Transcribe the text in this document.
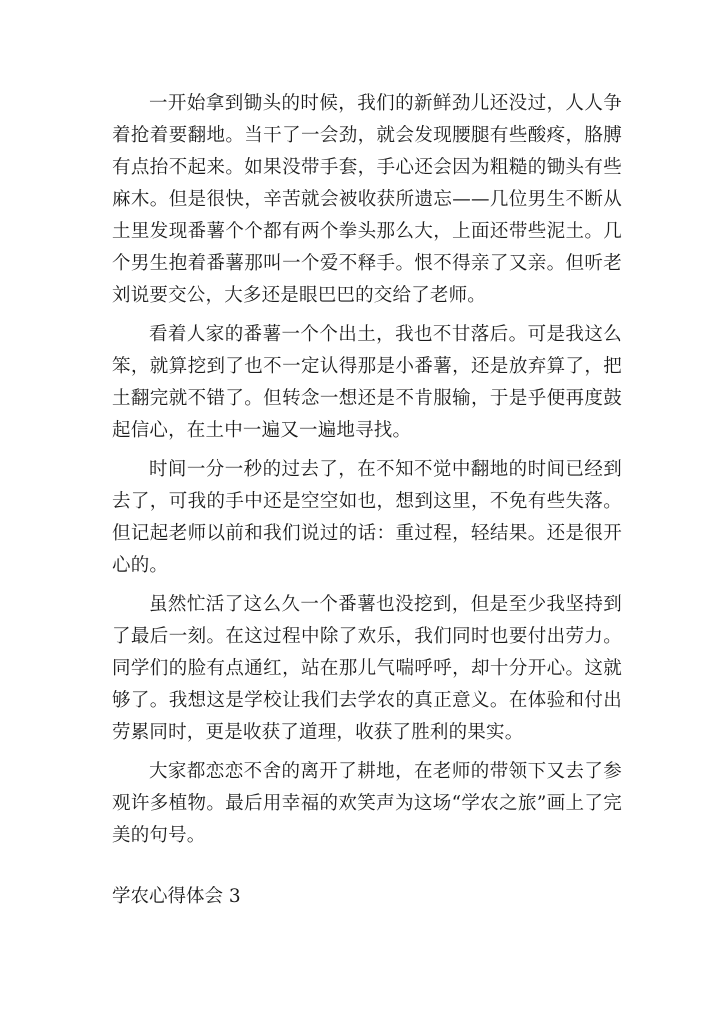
一开始拿到锄头的时候，我们的新鲜劲儿还没过，人人争着抢着要翻地。当干了一会劲，就会发现腰腿有些酸疼，胳膊有点抬不起来。如果没带手套，手心还会因为粗糙的锄头有些麻木。但是很快，辛苦就会被收获所遗忘——几位男生不断从土里发现番薯个个都有两个拳头那么大，上面还带些泥土。几个男生抱着番薯那叫一个爱不释手。恨不得亲了又亲。但听老刘说要交公，大多还是眼巴巴的交给了老师。

看着人家的番薯一个个出土，我也不甘落后。可是我这么笨，就算挖到了也不一定认得那是小番薯，还是放弃算了，把土翻完就不错了。但转念一想还是不肯服输，于是乎便再度鼓起信心，在土中一遍又一遍地寻找。

时间一分一秒的过去了，在不知不觉中翻地的时间已经到去了，可我的手中还是空空如也，想到这里，不免有些失落。但记起老师以前和我们说过的话：重过程，轻结果。还是很开心的。

虽然忙活了这么久一个番薯也没挖到，但是至少我坚持到了最后一刻。在这过程中除了欢乐，我们同时也要付出劳力。同学们的脸有点通红，站在那儿气喘呼呼，却十分开心。这就够了。我想这是学校让我们去学农的真正意义。在体验和付出劳累同时，更是收获了道理，收获了胜利的果实。

大家都恋恋不舍的离开了耕地，在老师的带领下又去了参观许多植物。最后用幸福的欢笑声为这场“学农之旅”画上了完美的句号。

学农心得体会 3
